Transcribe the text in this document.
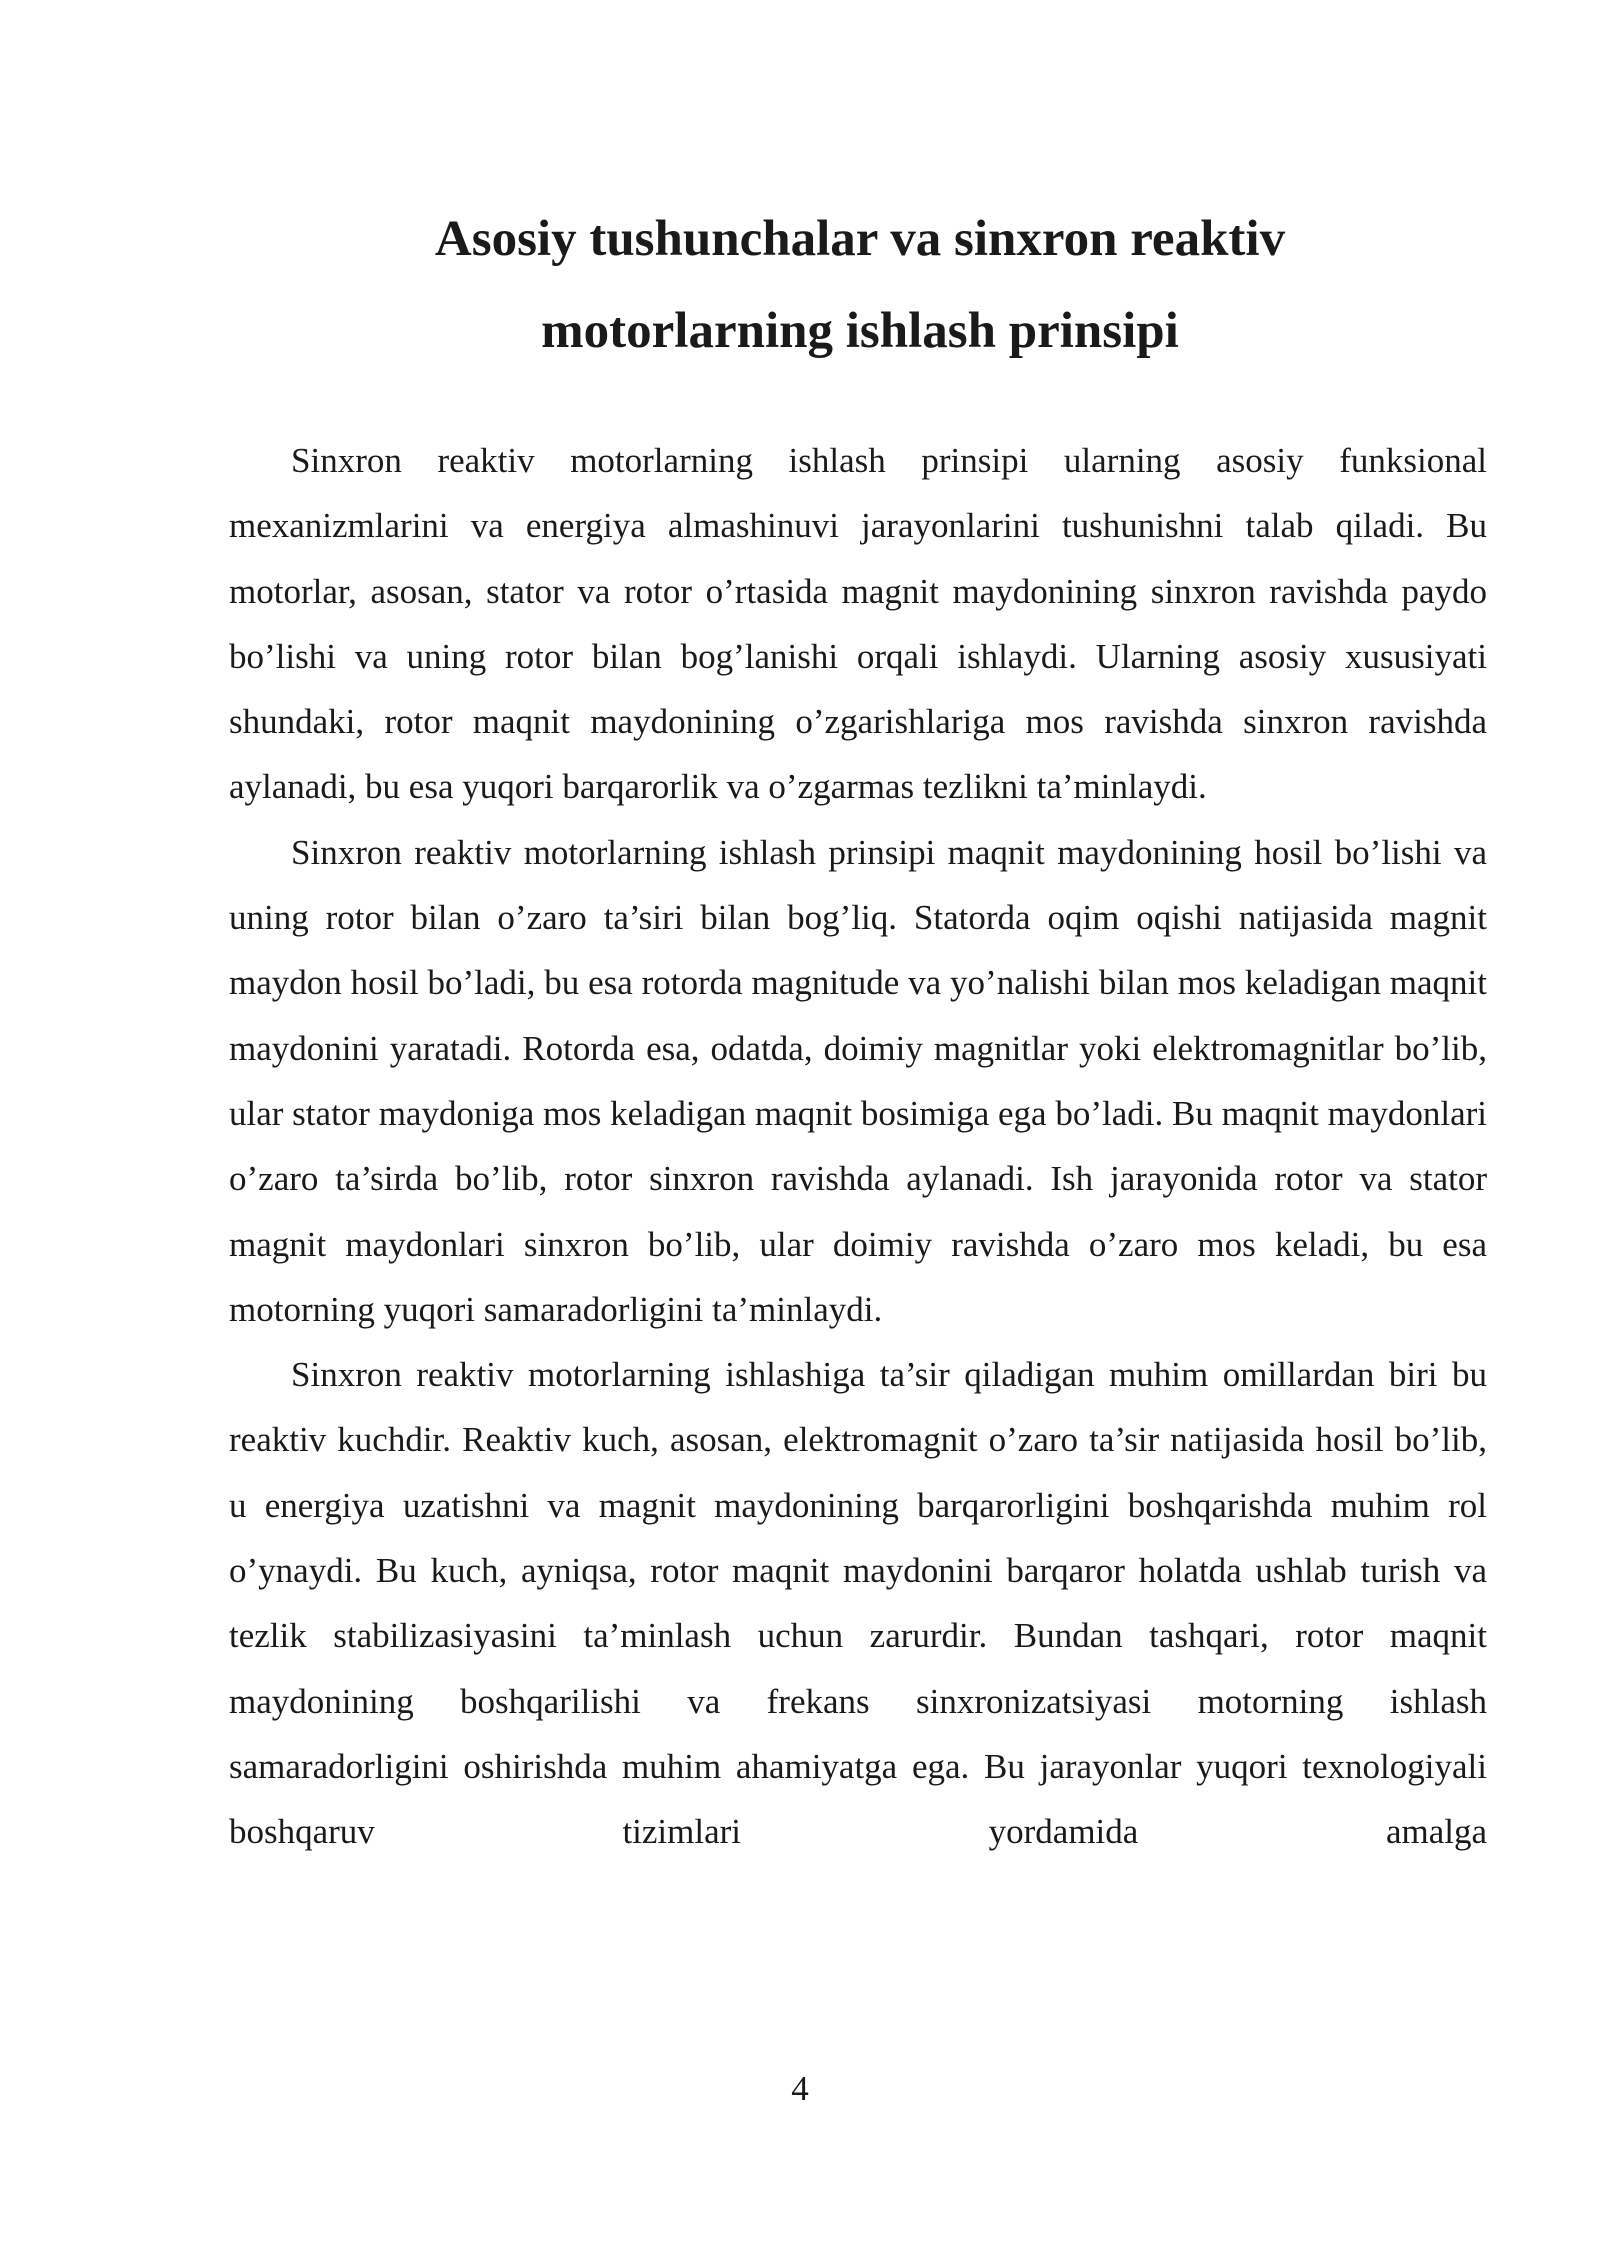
Asosiy tushunchalar va sinxron reaktiv
motorlarning ishlash prinsipi

Sinxron reaktiv motorlarning ishlash prinsipi ularning asosiy funksional mexanizmlarini va energiya almashinuvi jarayonlarini tushunishni talab qiladi. Bu motorlar, asosan, stator va rotor o’rtasida magnit maydonining sinxron ravishda paydo bo’lishi va uning rotor bilan bog’lanishi orqali ishlaydi. Ularning asosiy xususiyati shundaki, rotor maqnit maydonining o’zgarishlariga mos ravishda sinxron ravishda aylanadi, bu esa yuqori barqarorlik va o’zgarmas tezlikni ta’minlaydi.

Sinxron reaktiv motorlarning ishlash prinsipi maqnit maydonining hosil bo’lishi va uning rotor bilan o’zaro ta’siri bilan bog’liq. Statorda oqim oqishi natijasida magnit maydon hosil bo’ladi, bu esa rotorda magnitude va yo’nalishi bilan mos keladigan maqnit maydonini yaratadi. Rotorda esa, odatda, doimiy magnitlar yoki elektromagnitlar bo’lib, ular stator maydoniga mos keladigan maqnit bosimiga ega bo’ladi. Bu maqnit maydonlari o’zaro ta’sirda bo’lib, rotor sinxron ravishda aylanadi. Ish jarayonida rotor va stator magnit maydonlari sinxron bo’lib, ular doimiy ravishda o’zaro mos keladi, bu esa motorning yuqori samaradorligini ta’minlaydi.

Sinxron reaktiv motorlarning ishlashiga ta’sir qiladigan muhim omillardan biri bu reaktiv kuchdir. Reaktiv kuch, asosan, elektromagnit o’zaro ta’sir natijasida hosil bo’lib, u energiya uzatishni va magnit maydonining barqarorligini boshqarishda muhim rol o’ynaydi. Bu kuch, ayniqsa, rotor maqnit maydonini barqaror holatda ushlab turish va tezlik stabilizasiyasini ta’minlash uchun zarurdir. Bundan tashqari, rotor maqnit maydonining boshqarilishi va frekans sinxronizatsiyasi motorning ishlash samaradorligini oshirishda muhim ahamiyatga ega. Bu jarayonlar yuqori texnologiyali boshqaruv tizimlari yordamida amalga

4
